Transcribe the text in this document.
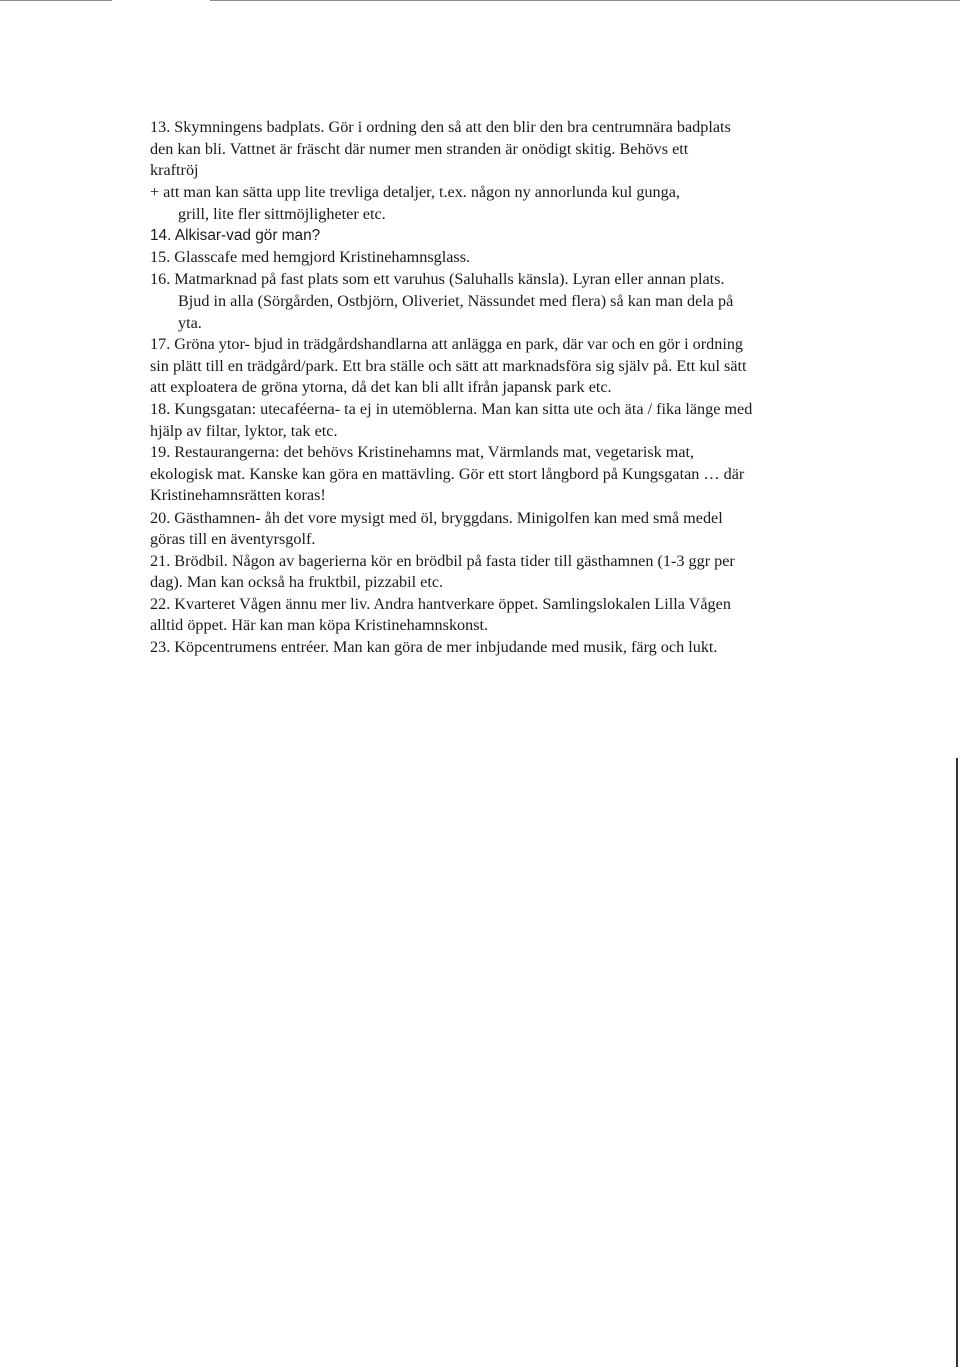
13. Skymningens badplats. Gör i ordning den så att den blir den bra centrumnära badplats
den kan bli. Vattnet är fräscht där numer men stranden är onödigt skitig. Behövs ett
kraftröj
+ att man kan sätta upp lite trevliga detaljer, t.ex. någon ny annorlunda kul gunga,
grill, lite fler sittmöjligheter etc.
14. Alkisar-vad gör man?
15. Glasscafe med hemgjord Kristinehamnsglass.
16. Matmarknad på fast plats som ett varuhus (Saluhalls känsla). Lyran eller annan plats.
Bjud in alla (Sörgården, Ostbjörn, Oliveriet, Nässundet med flera) så kan man dela på
yta.
17. Gröna ytor- bjud in trädgårdshandlarna att anlägga en park, där var och en gör i ordning
sin plätt till en trädgård/park. Ett bra ställe och sätt att marknadsföra sig själv på. Ett kul sätt
att exploatera de gröna ytorna, då det kan bli allt ifrån japansk park etc.
18. Kungsgatan: utecaféerna- ta ej in utemöblerna. Man kan sitta ute och äta / fika länge med
hjälp av filtar, lyktor, tak etc.
19. Restaurangerna: det behövs Kristinehamns mat, Värmlands mat, vegetarisk mat,
ekologisk mat. Kanske kan göra en mattävling. Gör ett stort långbord på Kungsgatan … där
Kristinehamnsrätten koras!
20. Gästhamnen- åh det vore mysigt med öl, bryggdans. Minigolfen kan med små medel
göras till en äventyrsgolf.
21. Brödbil. Någon av bagerierna kör en brödbil på fasta tider till gästhamnen (1-3 ggr per
dag). Man kan också ha fruktbil, pizzabil etc.
22. Kvarteret Vågen ännu mer liv. Andra hantverkare öppet. Samlingslokalen Lilla Vågen
alltid öppet. Här kan man köpa Kristinehamnskonst.
23. Köpcentrumens entréer. Man kan göra de mer inbjudande med musik, färg och lukt.
